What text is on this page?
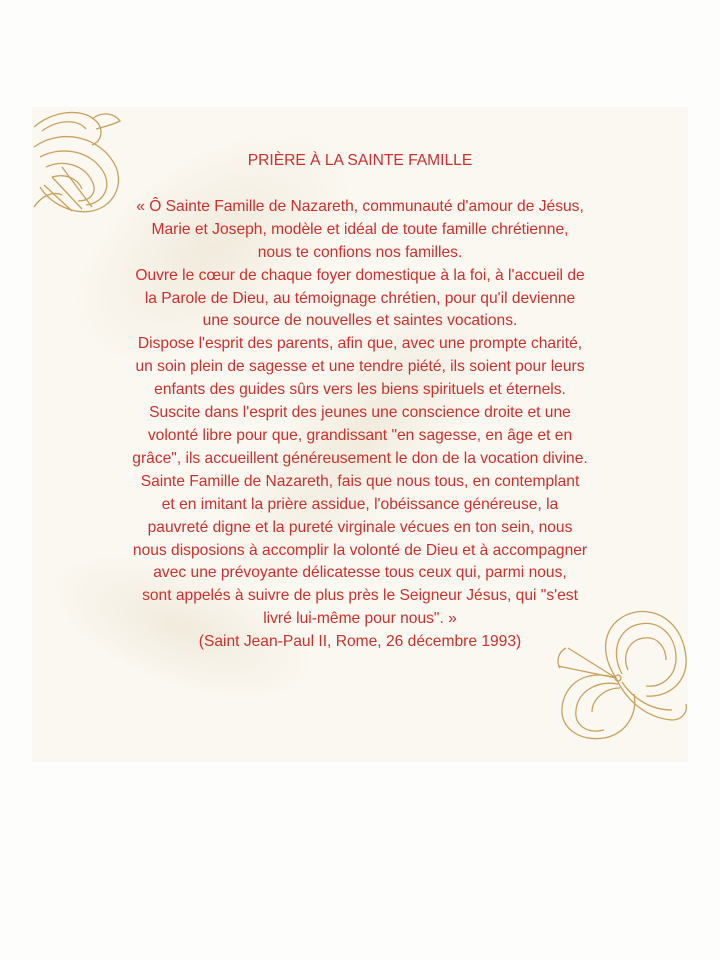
PRIÈRE À LA SAINTE FAMILLE

« Ô Sainte Famille de Nazareth, communauté d'amour de Jésus,
Marie et Joseph, modèle et idéal de toute famille chrétienne,
nous te confions nos familles.
Ouvre le cœur de chaque foyer domestique à la foi, à l'accueil de
la Parole de Dieu, au témoignage chrétien, pour qu'il devienne
une source de nouvelles et saintes vocations.
Dispose l'esprit des parents, afin que, avec une prompte charité,
un soin plein de sagesse et une tendre piété, ils soient pour leurs
enfants des guides sûrs vers les biens spirituels et éternels.
Suscite dans l'esprit des jeunes une conscience droite et une
volonté libre pour que, grandissant "en sagesse, en âge et en
grâce", ils accueillent généreusement le don de la vocation divine.
Sainte Famille de Nazareth, fais que nous tous, en contemplant
et en imitant la prière assidue, l'obéissance généreuse, la
pauvreté digne et la pureté virginale vécues en ton sein, nous
nous disposions à accomplir la volonté de Dieu et à accompagner
avec une prévoyante délicatesse tous ceux qui, parmi nous,
sont appelés à suivre de plus près le Seigneur Jésus, qui "s'est
livré lui-même pour nous". »

(Saint Jean-Paul II, Rome, 26 décembre 1993)
